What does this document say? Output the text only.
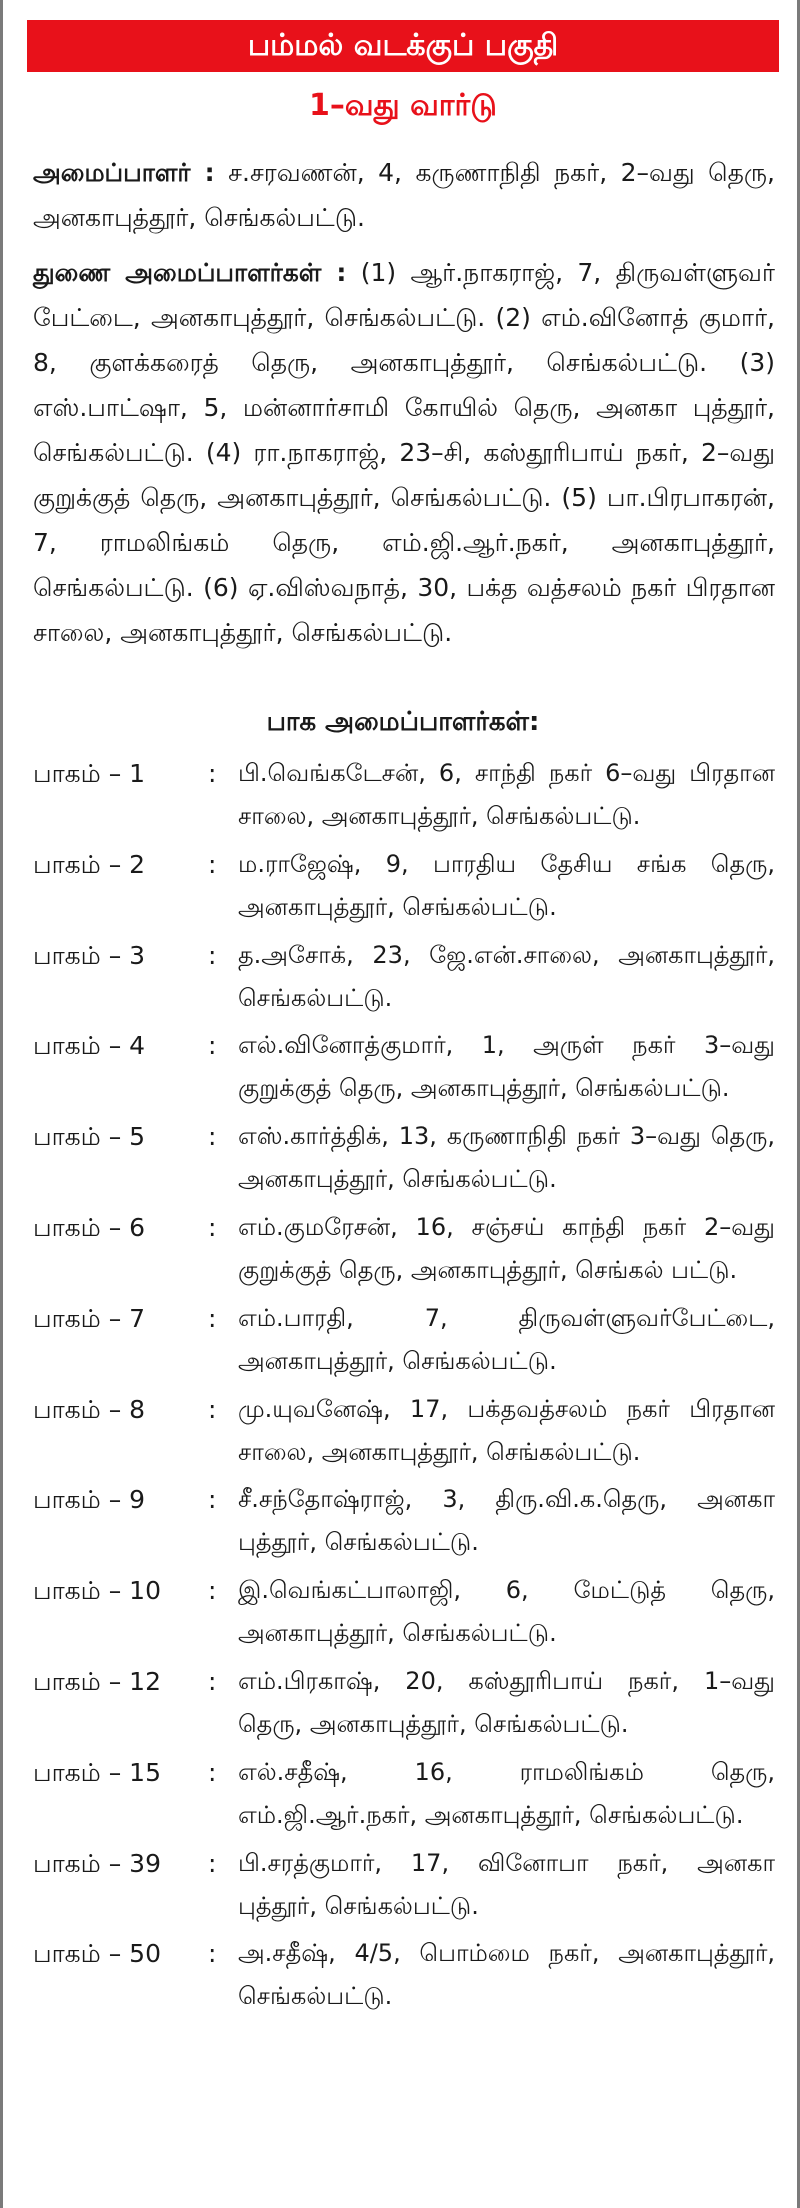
பம்மல் வடக்குப் பகுதி
1–வது வார்டு

அமைப்பாளர் : ச.சரவணன், 4, கருணாநிதி நகர், 2–வது தெரு, அனகாபுத்தூர், செங்கல்பட்டு.

துணை அமைப்பாளர்கள் : (1) ஆர்.நாகராஜ், 7, திருவள்ளுவர் பேட்டை, அனகாபுத்தூர், செங்கல்பட்டு. (2) எம்.வினோத் குமார், 8, குளக்கரைத் தெரு, அனகாபுத்தூர், செங்கல்பட்டு. (3) எஸ்.பாட்ஷா, 5, மன்னார்சாமி கோயில் தெரு, அனகா புத்தூர், செங்கல்பட்டு. (4) ரா.நாகராஜ், 23–சி, கஸ்தூரிபாய் நகர், 2–வது குறுக்குத் தெரு, அனகாபுத்தூர், செங்கல்பட்டு. (5) பா.பிரபாகரன், 7, ராமலிங்கம் தெரு, எம்.ஜி.ஆர்.நகர், அனகாபுத்தூர், செங்கல்பட்டு. (6) ஏ.விஸ்வநாத், 30, பக்த வத்சலம் நகர் பிரதான சாலை, அனகாபுத்தூர், செங்கல்பட்டு.

பாக அமைப்பாளர்கள்:
பாகம் – 1	: பி.வெங்கடேசன், 6, சாந்தி நகர் 6–வது பிரதான சாலை, அனகாபுத்தூர், செங்கல்பட்டு.
பாகம் – 2	: ம.ராஜேஷ், 9, பாரதிய தேசிய சங்க தெரு, அனகாபுத்தூர், செங்கல்பட்டு.
பாகம் – 3	: த.அசோக், 23, ஜே.என்.சாலை, அனகாபுத்தூர், செங்கல்பட்டு.
பாகம் – 4	: எல்.வினோத்குமார், 1, அருள் நகர் 3–வது குறுக்குத் தெரு, அனகாபுத்தூர், செங்கல்பட்டு.
பாகம் – 5	: எஸ்.கார்த்திக், 13, கருணாநிதி நகர் 3–வது தெரு, அனகாபுத்தூர், செங்கல்பட்டு.
பாகம் – 6	: எம்.குமரேசன், 16, சஞ்சய் காந்தி நகர் 2–வது குறுக்குத் தெரு, அனகாபுத்தூர், செங்கல் பட்டு.
பாகம் – 7	: எம்.பாரதி, 7, திருவள்ளுவர்பேட்டை, அனகாபுத்தூர், செங்கல்பட்டு.
பாகம் – 8	: மு.யுவனேஷ், 17, பக்தவத்சலம் நகர் பிரதான சாலை, அனகாபுத்தூர், செங்கல்பட்டு.
பாகம் – 9	: சீ.சந்தோஷ்ராஜ், 3, திரு.வி.க.தெரு, அனகா புத்தூர், செங்கல்பட்டு.
பாகம் – 10 : இ.வெங்கட்பாலாஜி, 6, மேட்டுத் தெரு, அனகாபுத்தூர், செங்கல்பட்டு.
பாகம் – 12 : எம்.பிரகாஷ், 20, கஸ்தூரிபாய் நகர், 1–வது தெரு, அனகாபுத்தூர், செங்கல்பட்டு.
பாகம் – 15 : எல்.சதீஷ், 16, ராமலிங்கம் தெரு, எம்.ஜி.ஆர்.நகர், அனகாபுத்தூர், செங்கல்பட்டு.
பாகம் – 39 : பி.சரத்குமார், 17, வினோபா நகர், அனகா புத்தூர், செங்கல்பட்டு.
பாகம் – 50 : அ.சதீஷ், 4/5, பொம்மை நகர், அனகாபுத்தூர், செங்கல்பட்டு.
